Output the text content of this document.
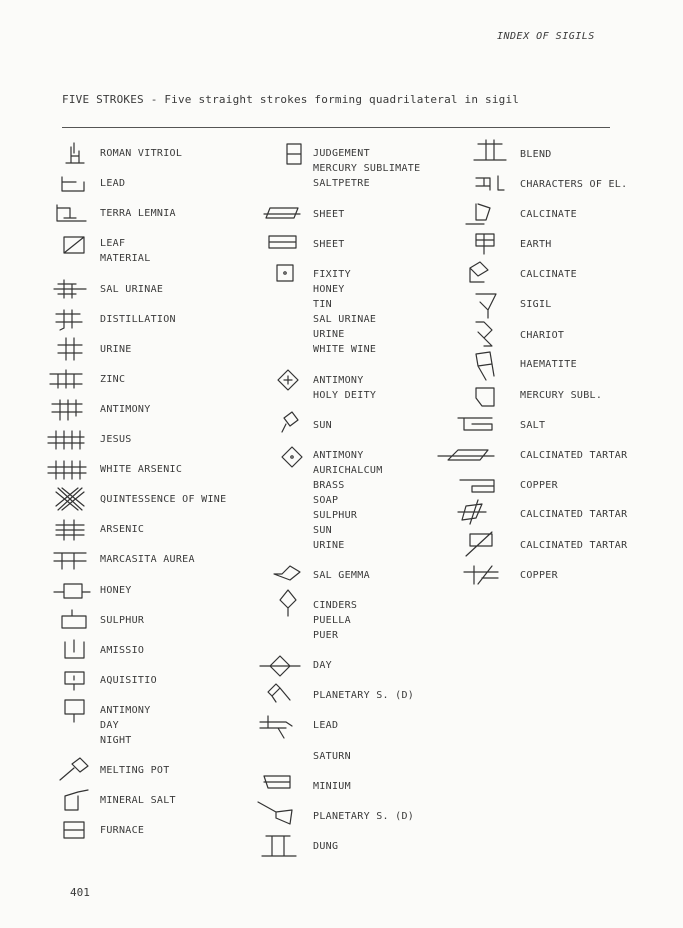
INDEX OF SIGILS
FIVE STROKES - Five straight strokes forming quadrilateral in sigil
ROMAN VITRIOL
LEAD
TERRA LEMNIA
LEAF
MATERIAL
SAL URINAE
DISTILLATION
URINE
ZINC
ANTIMONY
JESUS
WHITE ARSENIC
QUINTESSENCE OF WINE
ARSENIC
MARCASITA AUREA
HONEY
SULPHUR
AMISSIO
AQUISITIO
ANTIMONY
DAY
NIGHT
MELTING POT
MINERAL SALT
FURNACE
JUDGEMENT
MERCURY SUBLIMATE
SALTPETRE
SHEET
SHEET
FIXITY
HONEY
TIN
SAL URINAE
URINE
WHITE WINE
ANTIMONY
HOLY DEITY
SUN
ANTIMONY
AURICHALCUM
BRASS
SOAP
SULPHUR
SUN
URINE
SAL GEMMA
CINDERS
PUELLA
PUER
DAY
PLANETARY S. (D)
LEAD
SATURN
MINIUM
PLANETARY S. (D)
DUNG
BLEND
CHARACTERS OF EL.
CALCINATE
EARTH
CALCINATE
SIGIL
CHARIOT
HAEMATITE
MERCURY SUBL.
SALT
CALCINATED TARTAR
COPPER
CALCINATED TARTAR
CALCINATED TARTAR
COPPER
401
